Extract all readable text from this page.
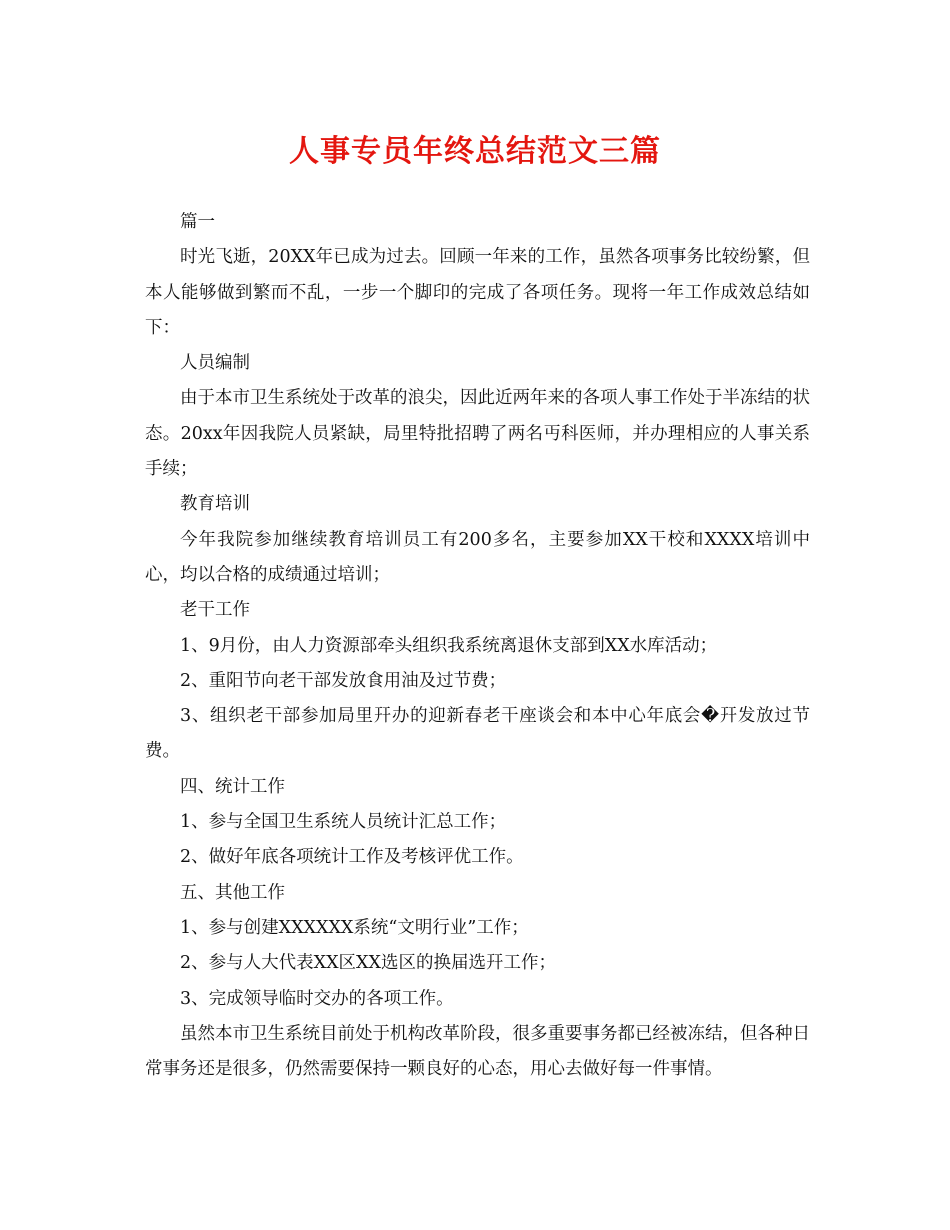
人事专员年终总结范文三篇

篇一

时光飞逝，20XX年已成为过去。回顾一年来的工作，虽然各项事务比较纷繁，但本人能够做到繁而不乱，一步一个脚印的完成了各项任务。现将一年工作成效总结如下：

人员编制

由于本市卫生系统处于改革的浪尖，因此近两年来的各项人事工作处于半冻结的状态。20xx年因我院人员紧缺，局里特批招聘了两名丏科医师，并办理相应的人事关系手续；

教育培训

今年我院参加继续教育培训员工有200多名，主要参加XX干校和XXXX培训中心，均以合格的成绩通过培训；

老干工作

1、9月份，由人力资源部牵头组织我系统离退休支部到XX水库活动；

2、重阳节向老干部发放食用油及过节费；

3、组织老干部参加局里幵办的迎新春老干座谈会和本中心年底会�幵发放过节费。

四、统计工作

1、参与全国卫生系统人员统计汇总工作；

2、做好年底各项统计工作及考核评优工作。

五、其他工作

1、参与创建XXXXXX系统“文明行业”工作；

2、参与人大代表XX区XX选区的换届选幵工作；

3、完成领导临时交办的各项工作。

虽然本市卫生系统目前处于机构改革阶段，很多重要事务都已经被冻结，但各种日常事务还是很多，仍然需要保持一颗良好的心态，用心去做好每一件事情。
